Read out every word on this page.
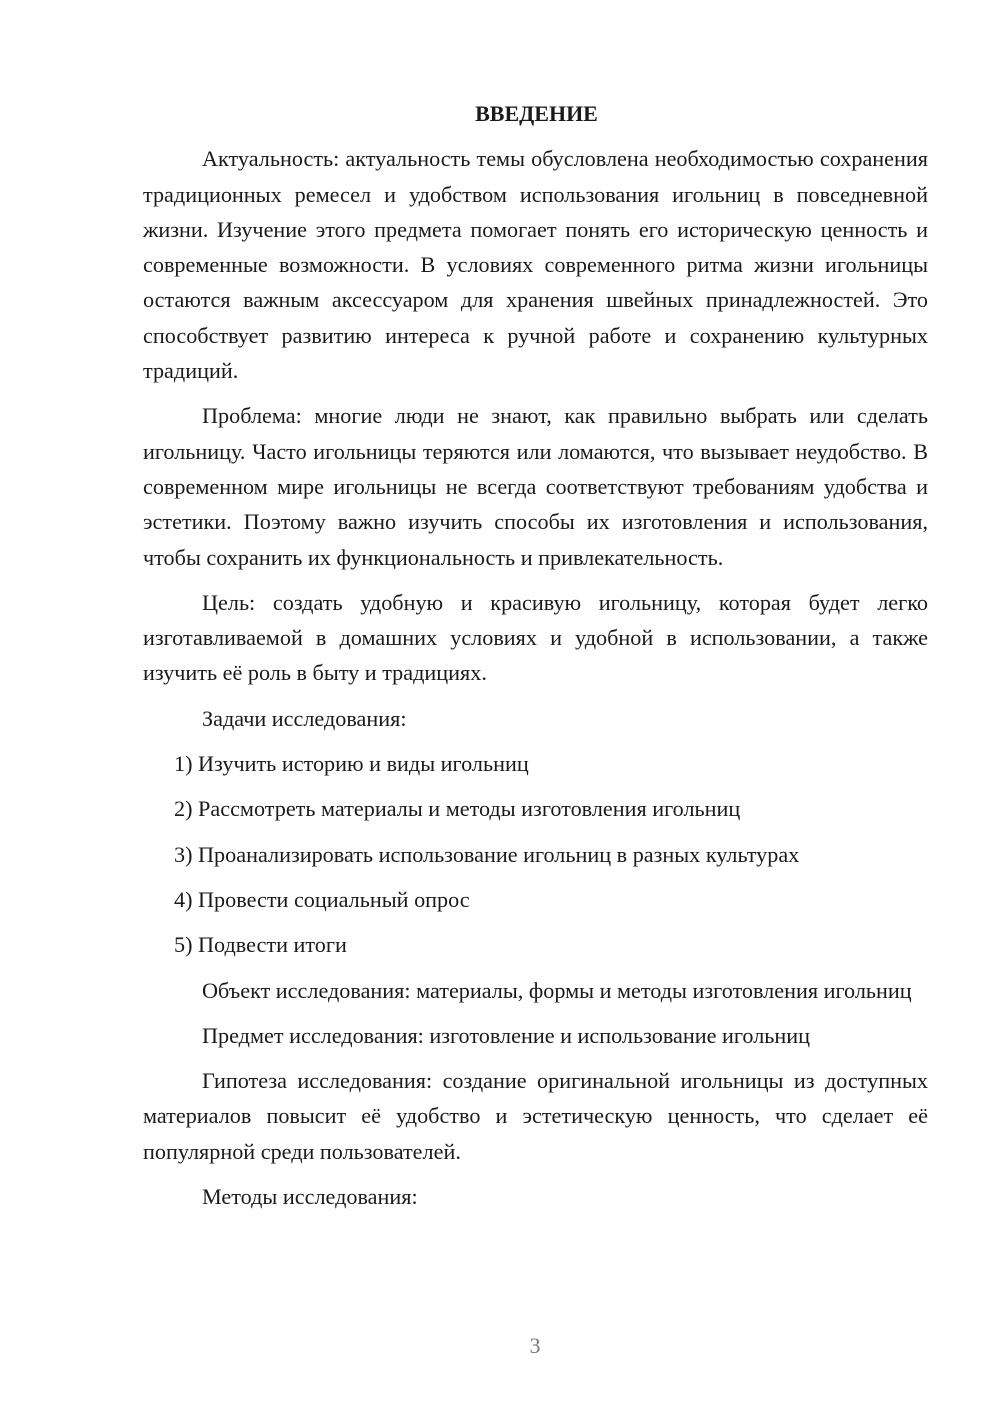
ВВЕДЕНИЕ

Актуальность: актуальность темы обусловлена необходимостью сохранения традиционных ремесел и удобством использования игольниц в повседневной жизни. Изучение этого предмета помогает понять его историческую ценность и современные возможности. В условиях современного ритма жизни игольницы остаются важным аксессуаром для хранения швейных принадлежностей. Это способствует развитию интереса к ручной работе и сохранению культурных традиций.

Проблема: многие люди не знают, как правильно выбрать или сделать игольницу. Часто игольницы теряются или ломаются, что вызывает неудобство. В современном мире игольницы не всегда соответствуют требованиям удобства и эстетики. Поэтому важно изучить способы их изготовления и использования, чтобы сохранить их функциональность и привлекательность.

Цель: создать удобную и красивую игольницу, которая будет легко изготавливаемой в домашних условиях и удобной в использовании, а также изучить её роль в быту и традициях.

Задачи исследования:

1) Изучить историю и виды игольниц
2) Рассмотреть материалы и методы изготовления игольниц
3) Проанализировать использование игольниц в разных культурах
4) Провести социальный опрос
5) Подвести итоги

Объект исследования: материалы, формы и методы изготовления игольниц

Предмет исследования: изготовление и использование игольниц

Гипотеза исследования: создание оригинальной игольницы из доступных материалов повысит её удобство и эстетическую ценность, что сделает её популярной среди пользователей.

Методы исследования:

3
